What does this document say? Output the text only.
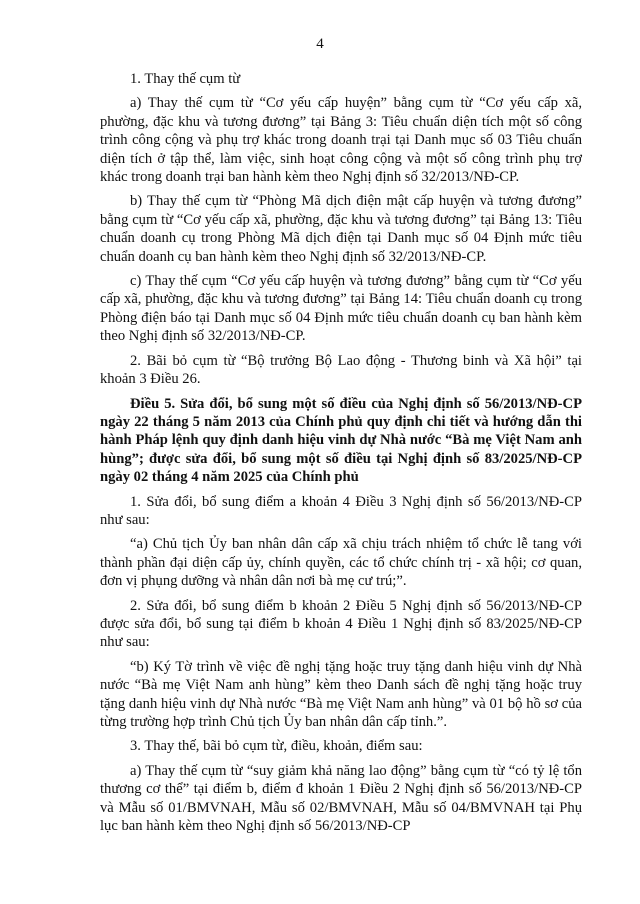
4

1. Thay thế cụm từ

a) Thay thế cụm từ “Cơ yếu cấp huyện” bằng cụm từ “Cơ yếu cấp xã, phường, đặc khu và tương đương” tại Bảng 3: Tiêu chuẩn diện tích một số công trình công cộng và phụ trợ khác trong doanh trại tại Danh mục số 03 Tiêu chuẩn diện tích ở tập thể, làm việc, sinh hoạt công cộng và một số công trình phụ trợ khác trong doanh trại ban hành kèm theo Nghị định số 32/2013/NĐ-CP.

b) Thay thế cụm từ “Phòng Mã dịch điện mật cấp huyện và tương đương” bằng cụm từ “Cơ yếu cấp xã, phường, đặc khu và tương đương” tại Bảng 13: Tiêu chuẩn doanh cụ trong Phòng Mã dịch điện tại Danh mục số 04 Định mức tiêu chuẩn doanh cụ ban hành kèm theo Nghị định số 32/2013/NĐ-CP.

c) Thay thế cụm “Cơ yếu cấp huyện và tương đương” bằng cụm từ “Cơ yếu cấp xã, phường, đặc khu và tương đương” tại Bảng 14: Tiêu chuẩn doanh cụ trong Phòng điện báo tại Danh mục số 04 Định mức tiêu chuẩn doanh cụ ban hành kèm theo Nghị định số 32/2013/NĐ-CP.

2. Bãi bỏ cụm từ “Bộ trưởng Bộ Lao động - Thương binh và Xã hội” tại khoản 3 Điều 26.

Điều 5. Sửa đổi, bổ sung một số điều của Nghị định số 56/2013/NĐ-CP ngày 22 tháng 5 năm 2013 của Chính phủ quy định chi tiết và hướng dẫn thi hành Pháp lệnh quy định danh hiệu vinh dự Nhà nước “Bà mẹ Việt Nam anh hùng”; được sửa đổi, bổ sung một số điều tại Nghị định số 83/2025/NĐ-CP ngày 02 tháng 4 năm 2025 của Chính phủ

1. Sửa đổi, bổ sung điểm a khoản 4 Điều 3 Nghị định số 56/2013/NĐ-CP như sau:

“a) Chủ tịch Ủy ban nhân dân cấp xã chịu trách nhiệm tổ chức lễ tang với thành phần đại diện cấp ủy, chính quyền, các tổ chức chính trị - xã hội; cơ quan, đơn vị phụng dưỡng và nhân dân nơi bà mẹ cư trú;”.

2. Sửa đổi, bổ sung điểm b khoản 2 Điều 5 Nghị định số 56/2013/NĐ-CP được sửa đổi, bổ sung tại điểm b khoản 4 Điều 1 Nghị định số 83/2025/NĐ-CP như sau:

“b) Ký Tờ trình về việc đề nghị tặng hoặc truy tặng danh hiệu vinh dự Nhà nước “Bà mẹ Việt Nam anh hùng” kèm theo Danh sách đề nghị tặng hoặc truy tặng danh hiệu vinh dự Nhà nước “Bà mẹ Việt Nam anh hùng” và 01 bộ hồ sơ của từng trường hợp trình Chủ tịch Ủy ban nhân dân cấp tỉnh.”.

3. Thay thế, bãi bỏ cụm từ, điều, khoản, điểm sau:

a) Thay thế cụm từ “suy giảm khả năng lao động” bằng cụm từ “có tỷ lệ tổn thương cơ thể” tại điểm b, điểm đ khoản 1 Điều 2 Nghị định số 56/2013/NĐ-CP và Mẫu số 01/BMVNAH, Mẫu số 02/BMVNAH, Mẫu số 04/BMVNAH tại Phụ lục ban hành kèm theo Nghị định số 56/2013/NĐ-CP
